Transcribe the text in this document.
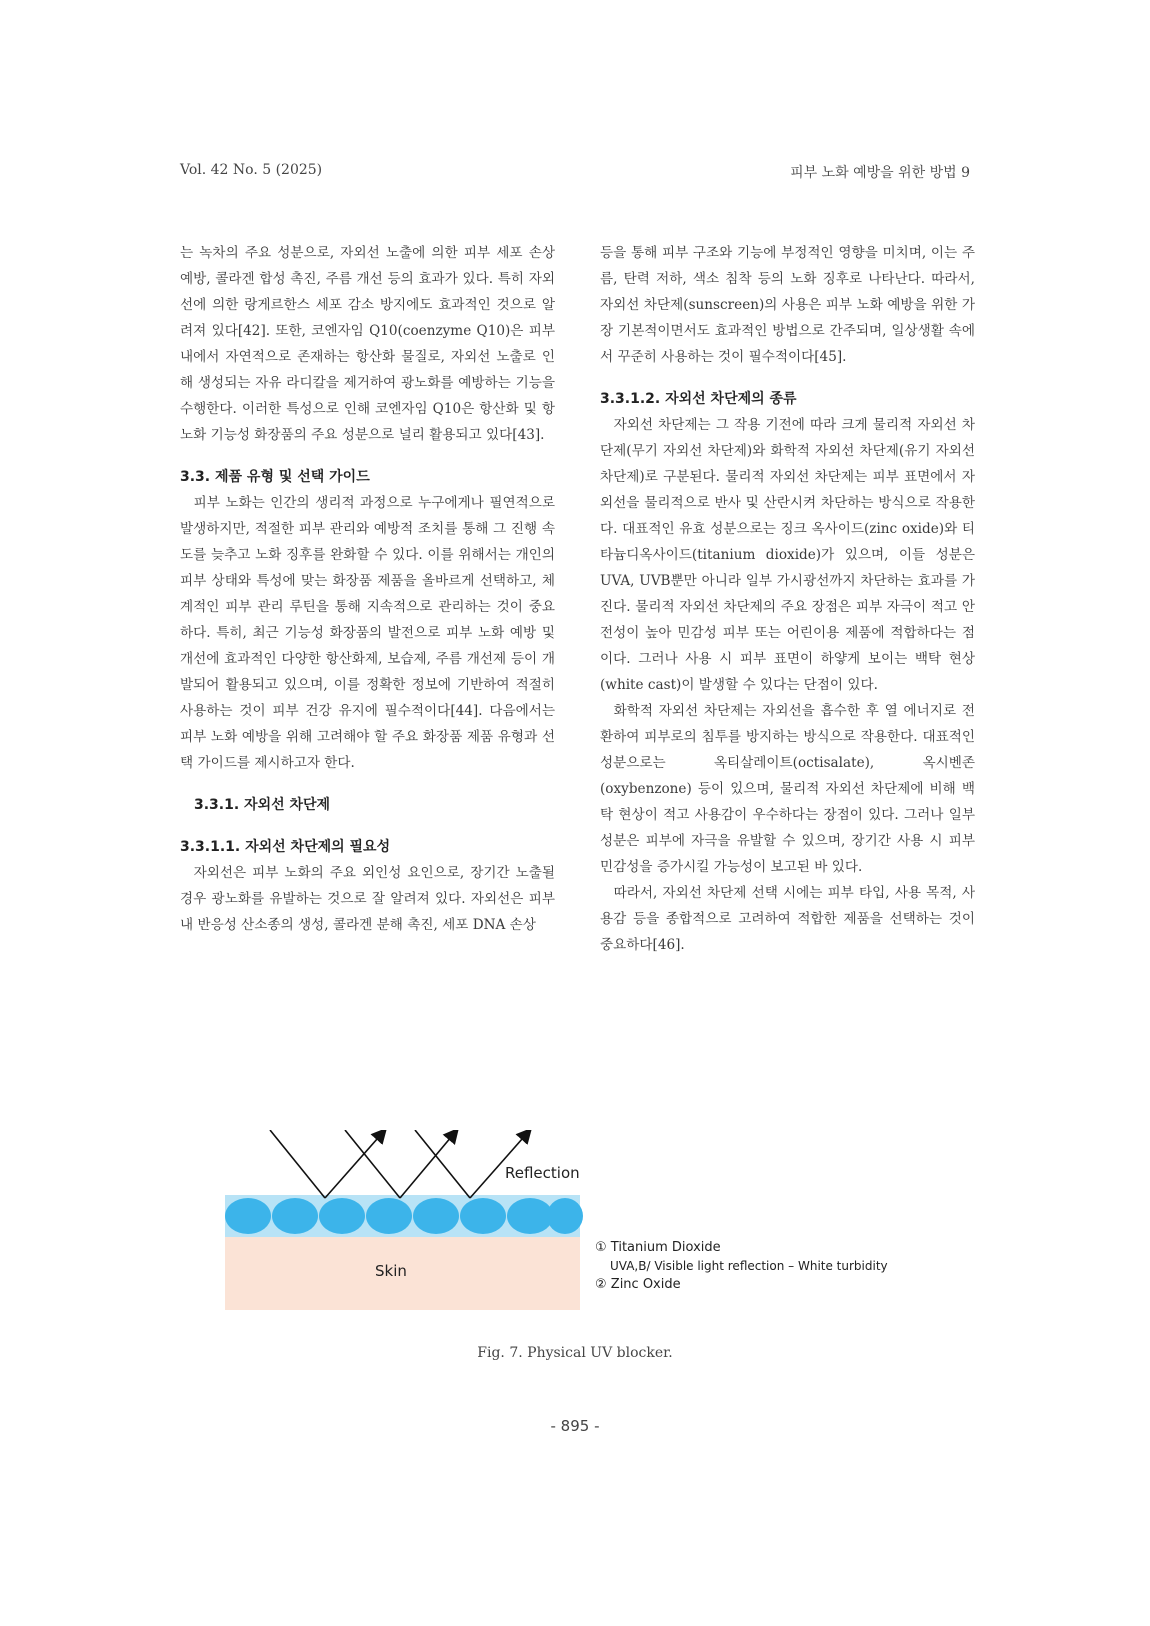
Vol. 42 No. 5 (2025)	피부 노화 예방을 위한 방법 9

는 녹차의 주요 성분으로, 자외선 노출에 의한 피부 세포 손상 예방, 콜라겐 합성 촉진, 주름 개선 등의 효과가 있다. 특히 자외선에 의한 랑게르한스 세포 감소 방지에도 효과적인 것으로 알려져 있다[42]. 또한, 코엔자임 Q10(coenzyme Q10)은 피부 내에서 자연적으로 존재하는 항산화 물질로, 자외선 노출로 인해 생성되는 자유 라디칼을 제거하여 광노화를 예방하는 기능을 수행한다. 이러한 특성으로 인해 코엔자임 Q10은 항산화 및 항노화 기능성 화장품의 주요 성분으로 널리 활용되고 있다[43].

3.3. 제품 유형 및 선택 가이드

피부 노화는 인간의 생리적 과정으로 누구에게나 필연적으로 발생하지만, 적절한 피부 관리와 예방적 조치를 통해 그 진행 속도를 늦추고 노화 징후를 완화할 수 있다. 이를 위해서는 개인의 피부 상태와 특성에 맞는 화장품 제품을 올바르게 선택하고, 체계적인 피부 관리 루틴을 통해 지속적으로 관리하는 것이 중요하다. 특히, 최근 기능성 화장품의 발전으로 피부 노화 예방 및 개선에 효과적인 다양한 항산화제, 보습제, 주름 개선제 등이 개발되어 활용되고 있으며, 이를 정확한 정보에 기반하여 적절히 사용하는 것이 피부 건강 유지에 필수적이다[44]. 다음에서는 피부 노화 예방을 위해 고려해야 할 주요 화장품 제품 유형과 선택 가이드를 제시하고자 한다.

3.3.1. 자외선 차단제

3.3.1.1. 자외선 차단제의 필요성

자외선은 피부 노화의 주요 외인성 요인으로, 장기간 노출될 경우 광노화를 유발하는 것으로 잘 알려져 있다. 자외선은 피부 내 반응성 산소종의 생성, 콜라겐 분해 촉진, 세포 DNA 손상

등을 통해 피부 구조와 기능에 부정적인 영향을 미치며, 이는 주름, 탄력 저하, 색소 침착 등의 노화 징후로 나타난다. 따라서, 자외선 차단제(sunscreen)의 사용은 피부 노화 예방을 위한 가장 기본적이면서도 효과적인 방법으로 간주되며, 일상생활 속에서 꾸준히 사용하는 것이 필수적이다[45].

3.3.1.2. 자외선 차단제의 종류

자외선 차단제는 그 작용 기전에 따라 크게 물리적 자외선 차단제(무기 자외선 차단제)와 화학적 자외선 차단제(유기 자외선 차단제)로 구분된다. 물리적 자외선 차단제는 피부 표면에서 자외선을 물리적으로 반사 및 산란시켜 차단하는 방식으로 작용한다. 대표적인 유효 성분으로는 징크 옥사이드(zinc oxide)와 티타늄디옥사이드(titanium dioxide)가 있으며, 이들 성분은 UVA, UVB뿐만 아니라 일부 가시광선까지 차단하는 효과를 가진다. 물리적 자외선 차단제의 주요 장점은 피부 자극이 적고 안전성이 높아 민감성 피부 또는 어린이용 제품에 적합하다는 점이다. 그러나 사용 시 피부 표면이 하얗게 보이는 백탁 현상(white cast)이 발생할 수 있다는 단점이 있다.

화학적 자외선 차단제는 자외선을 흡수한 후 열 에너지로 전환하여 피부로의 침투를 방지하는 방식으로 작용한다. 대표적인 성분으로는 옥티살레이트(octisalate), 옥시벤존(oxybenzone) 등이 있으며, 물리적 자외선 차단제에 비해 백탁 현상이 적고 사용감이 우수하다는 장점이 있다. 그러나 일부 성분은 피부에 자극을 유발할 수 있으며, 장기간 사용 시 피부 민감성을 증가시킬 가능성이 보고된 바 있다.

따라서, 자외선 차단제 선택 시에는 피부 타입, 사용 목적, 사용감 등을 종합적으로 고려하여 적합한 제품을 선택하는 것이 중요하다[46].

Reflection
Skin
① Titanium Dioxide
UVA,B/ Visible light reflection – White turbidity
② Zinc Oxide
Fig. 7. Physical UV blocker.
- 895 -
